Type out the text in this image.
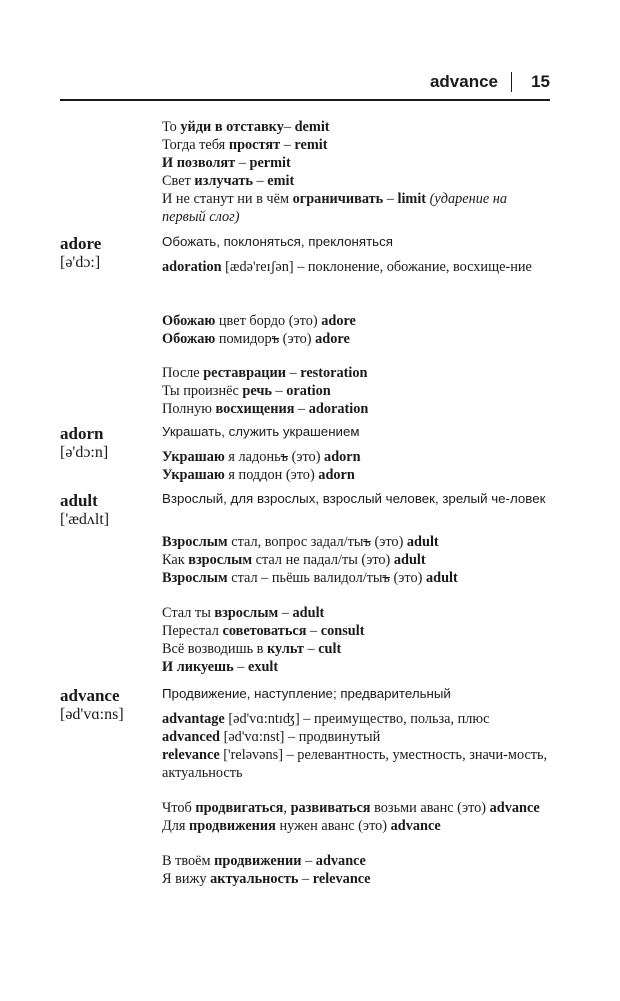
advance 15
То уйди в отставку– demit
Тогда тебя простят – remit
И позволят – permit
Свет излучать – emit
И не станут ни в чём ограничивать – limit (ударение на первый слог)
adore
[ə'dɔ:]
Обожать, поклоняться, преклоняться
adoration [ædə'reɪʃən] – поклонение, обожание, восхище-ние
Обожаю цвет бордо (это) adore
Обожаю помидоръ (это) adore
После реставрации – restoration
Ты произнёс речь – oration
Полную восхищения – adoration
adorn
[ə'dɔ:n]
Украшать, служить украшением
Украшаю я ладоньъ (это) adorn
Украшаю я поддон (это) adorn
adult
['ædʌlt]
Взрослый, для взрослых, взрослый человек, зрелый че-ловек
Взрослым стал, вопрос задал/тыъ (это) adult
Как взрослым стал не падал/ты (это) adult
Взрослым стал – пьёшь валидол/тыъ (это) adult
Стал ты взрослым – adult
Перестал советоваться – consult
Всё возводишь в культ – cult
И ликуешь – exult
advance
[əd'vɑ:ns]
Продвижение, наступление; предварительный
advantage [əd'vɑ:ntɪʤ] – преимущество, польза, плюс
advanced [əd'vɑ:nst] – продвинутый
relevance ['reləvəns] – релевантность, уместность, значи-мость, актуальность
Чтоб продвигаться, развиваться возьми аванс (это) advance
Для продвижения нужен аванс (это) advance
В твоём продвижении – advance
Я вижу актуальность – relevance
